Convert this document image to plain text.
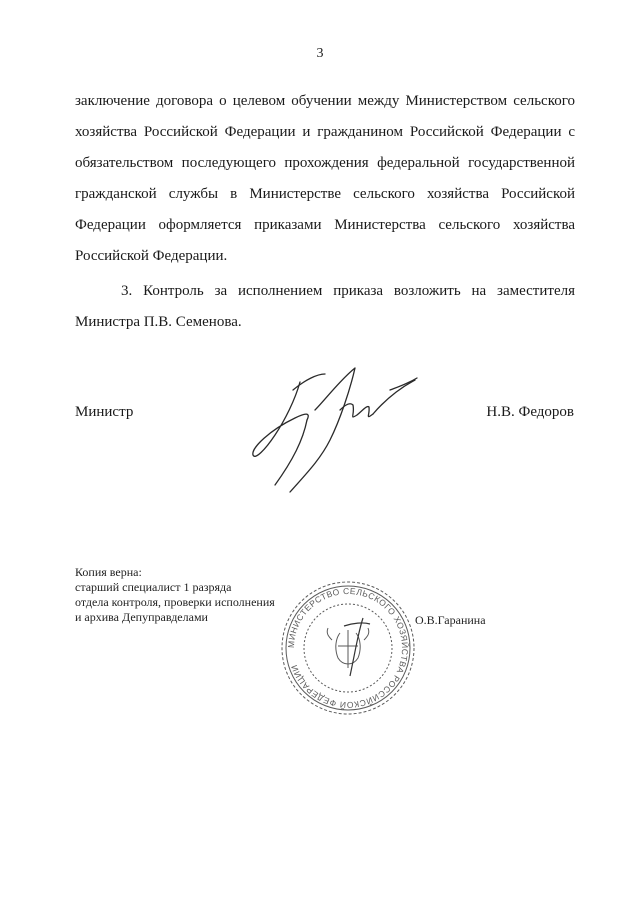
3
заключение договора о целевом обучении между Министерством сельского
хозяйства Российской Федерации и гражданином Российской Федерации с
обязательством последующего прохождения федеральной государственной
гражданской службы в Министерстве сельского хозяйства Российской
Федерации оформляется приказами Министерства сельского хозяйства
Российской Федерации.
3. Контроль за исполнением приказа возложить на заместителя
Министра П.В. Семенова.
Министр	Н.В. Федоров
Копия верна:
старший специалист 1 разряда
отдела контроля, проверки исполнения
и архива Депуправделами
МИНИСТЕРСТВО СЕЛЬСКОГО ХОЗЯЙСТВА РОССИЙСКОЙ ФЕДЕРАЦИИ
О.В.Гаранина
